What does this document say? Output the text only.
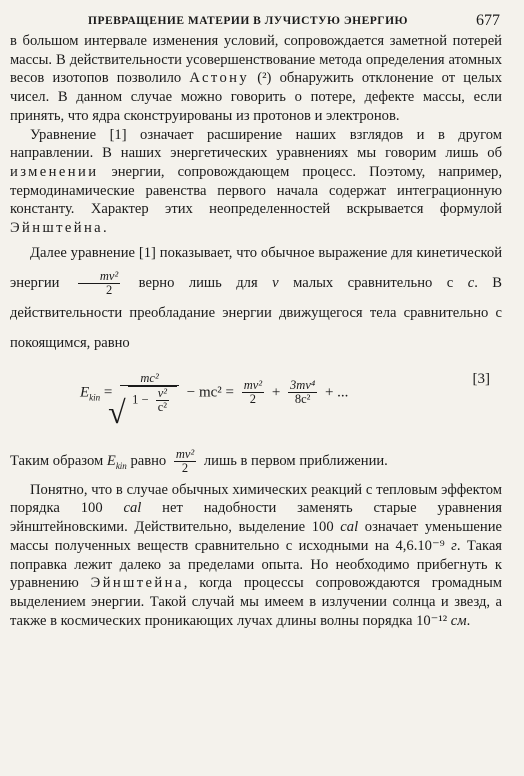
ПРЕВРАЩЕНИЕ МАТЕРИИ В ЛУЧИСТУЮ ЭНЕРГИЮ	677

в большом интервале изменения условий, сопровождается заметной потерей массы. В действительности усовершенствование метода определения атомных весов изотопов позволило Астону (²) обнаружить отклонение от целых чисел. В данном случае можно говорить о потере, дефекте массы, если принять, что ядра сконструированы из протонов и электронов.

Уравнение [1] означает расширение наших взглядов и в другом направлении. В наших энергетических уравнениях мы говорим лишь об изменении энергии, сопровождающем процесс. Поэтому, например, термодинамические равенства первого начала содержат интеграционную константу. Характер этих неопределенностей вскрывается формулой Эйнштейна.

Далее уравнение [1] показывает, что обычное выражение для кинетической энергии $\frac{\text{mv²}}{2}$ верно лишь для v малых сравнительно с c. В действительности преобладание энергии движущегося тела сравнительно с покоящимся, равно

$E_{kin} = \frac{\text{mc²}}{√ 1 - \frac{\text{v²}}{\text{c²}}} - mc^2 = \frac{\text{mv²}}{2} + \frac{\text{3mv⁴}}{\text{8c²}}$ + ...
[3]

Таким образом $E_{kin}$ равно $\frac{\text{mv²}}{2}$ лишь в первом приближении.

Понятно, что в случае обычных химических реакций с тепловым эффектом порядка 100 cal нет надобности заменять старые уравнения эйнштейновскими. Действительно, выделение 100 cal означает уменьшение массы полученных веществ сравнительно с исходными на 4,6.10⁻⁹ г. Такая поправка лежит далеко за пределами опыта. Но необходимо прибегнуть к уравнению Эйнштейна, когда процессы сопровождаются громадным выделением энергии. Такой случай мы имеем в излучении солнца и звезд, а также в космических проникающих лучах длины волны порядка 10⁻¹² см.
